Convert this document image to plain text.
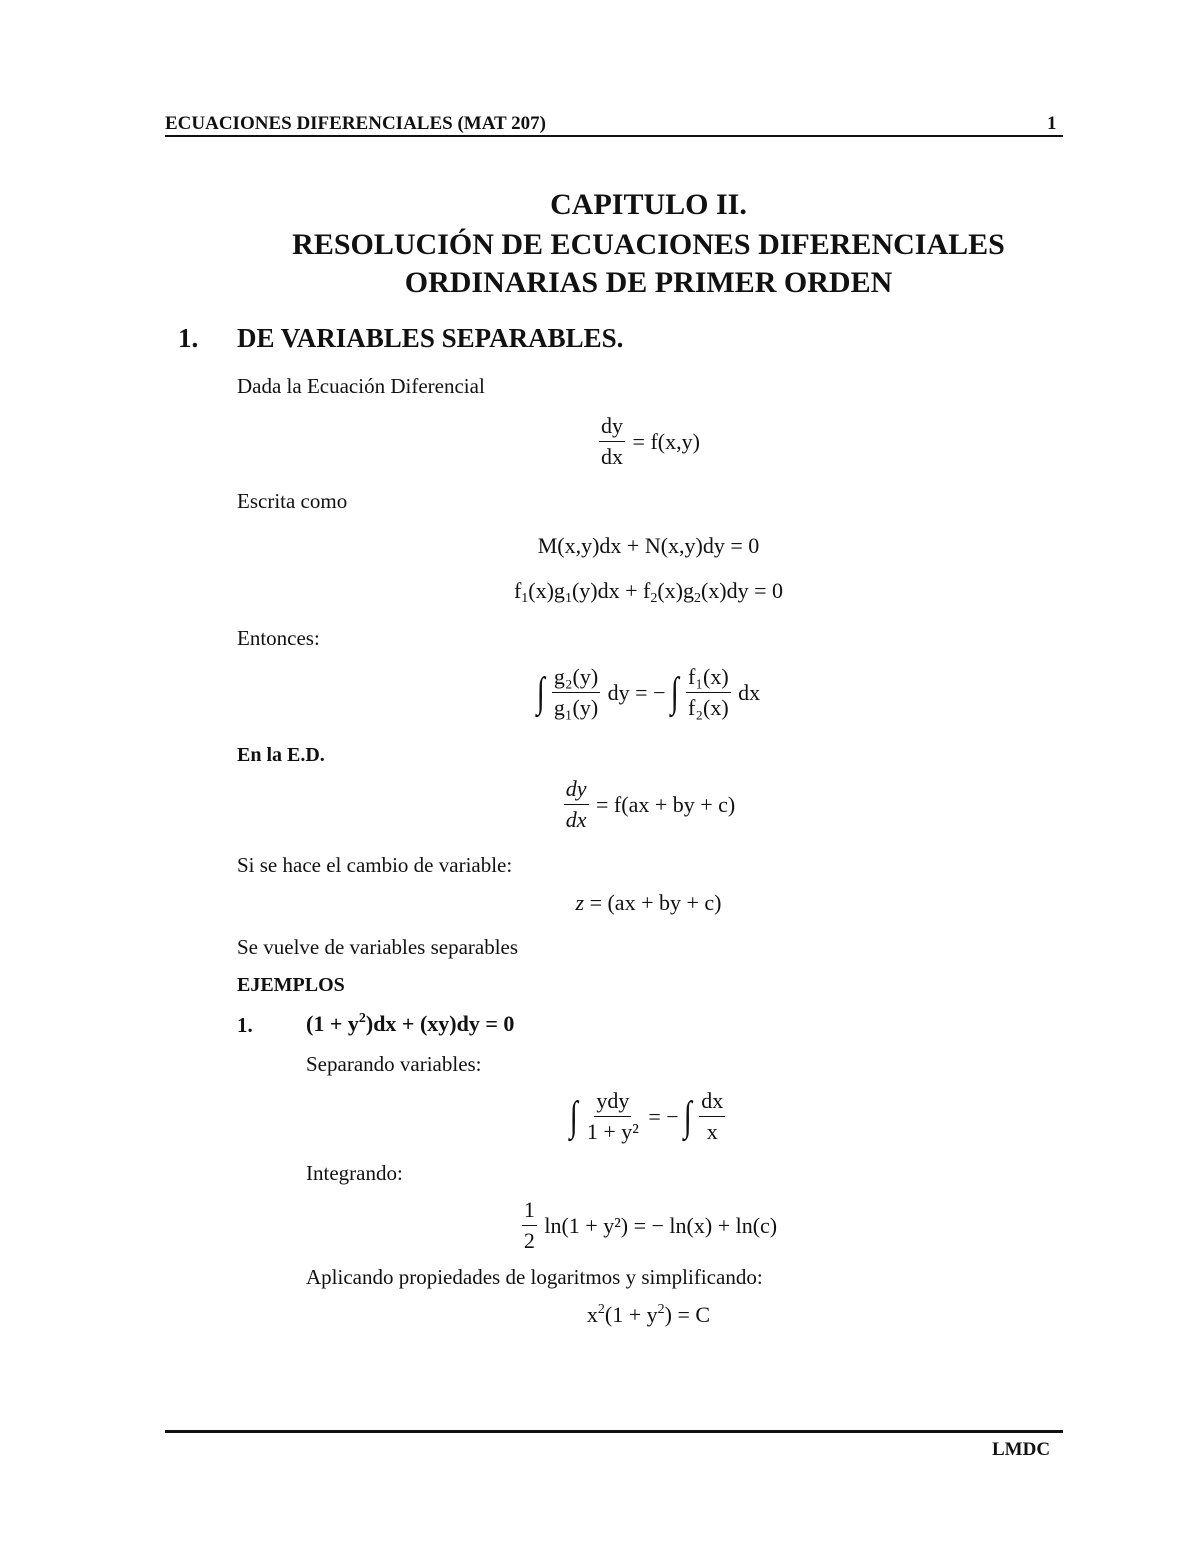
ECUACIONES DIFERENCIALES (MAT 207)	1
CAPITULO II.
RESOLUCIÓN DE ECUACIONES DIFERENCIALES
ORDINARIAS DE PRIMER ORDEN
1. DE VARIABLES SEPARABLES.
Dada la Ecuación Diferencial
$\frac{dy}{dx} = f(x,y)$
Escrita como
M(x,y)dx + N(x,y)dy = 0
$f_1(x)g_1(y)dx + f_2(x)g_2(x)dy = 0$
Entonces:
∫ $\frac{\text{g₂(y)}}{\text{g₁(y)}}$ dy = − ∫ $\frac{\text{f₁(x)}}{\text{f₂(x)}}$ dx
En la E.D.
$\frac{dy}{dx} = f(ax$ + by + c)
Si se hace el cambio de variable:
z = (ax + by + c)
Se vuelve de variables separables
EJEMPLOS
1. $(1 + y^2)dx + (xy)dy = 0$
Separando variables:
∫ $\frac{\text{ydy}}{\text{1 + y²}}$ = − ∫ $\frac{dx}{x}$
Integrando:
$\frac{1}{2} \ln(1 + y^2)$ = − ln(x) + ln(c)
Aplicando propiedades de logaritmos y simplificando:
$x^2(1 + y^2) = C$
LMDC
